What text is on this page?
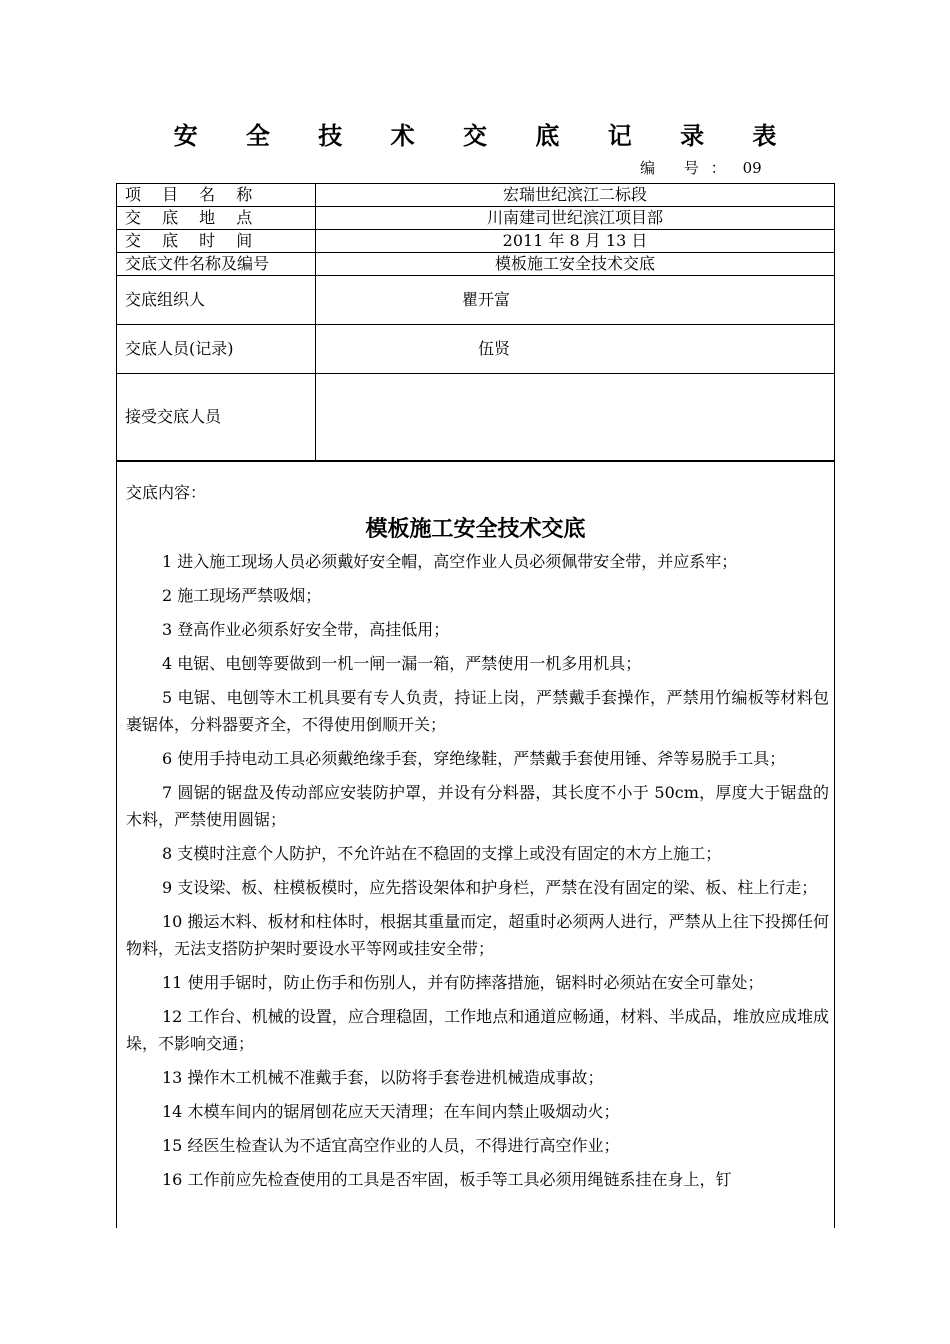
安 全 技 术 交 底 记 录 表
编 号： 09
项 目 名 称	宏瑞世纪滨江二标段
交 底 地 点	川南建司世纪滨江项目部
交 底 时 间	2011 年 8 月 13 日
交底文件名称及编号	模板施工安全技术交底
交底组织人	瞿开富
交底人员(记录)	伍贤
接受交底人员	
交底内容：
模板施工安全技术交底

1 进入施工现场人员必须戴好安全帽，高空作业人员必须佩带安全带，并应系牢；

2 施工现场严禁吸烟；

3 登高作业必须系好安全带，高挂低用；

4 电锯、电刨等要做到一机一闸一漏一箱，严禁使用一机多用机具；

5 电锯、电刨等木工机具要有专人负责，持证上岗，严禁戴手套操作，严禁用竹编板等材料包裹锯体，分料器要齐全，不得使用倒顺开关；

6 使用手持电动工具必须戴绝缘手套，穿绝缘鞋，严禁戴手套使用锤、斧等易脱手工具；

7 圆锯的锯盘及传动部应安装防护罩，并设有分料器，其长度不小于 50cm，厚度大于锯盘的木料，严禁使用圆锯；

8 支模时注意个人防护，不允许站在不稳固的支撑上或没有固定的木方上施工；

9 支设梁、板、柱模板模时，应先搭设架体和护身栏，严禁在没有固定的梁、板、柱上行走；

10 搬运木料、板材和柱体时，根据其重量而定，超重时必须两人进行，严禁从上往下投掷任何物料，无法支搭防护架时要设水平等网或挂安全带；

11 使用手锯时，防止伤手和伤别人，并有防摔落措施，锯料时必须站在安全可靠处；

12 工作台、机械的设置，应合理稳固，工作地点和通道应畅通，材料、半成品，堆放应成堆成垛，不影响交通；

13 操作木工机械不准戴手套，以防将手套卷进机械造成事故；

14 木模车间内的锯屑刨花应天天清理；在车间内禁止吸烟动火；

15 经医生检查认为不适宜高空作业的人员，不得进行高空作业；

16 工作前应先检查使用的工具是否牢固，板手等工具必须用绳链系挂在身上，钉
